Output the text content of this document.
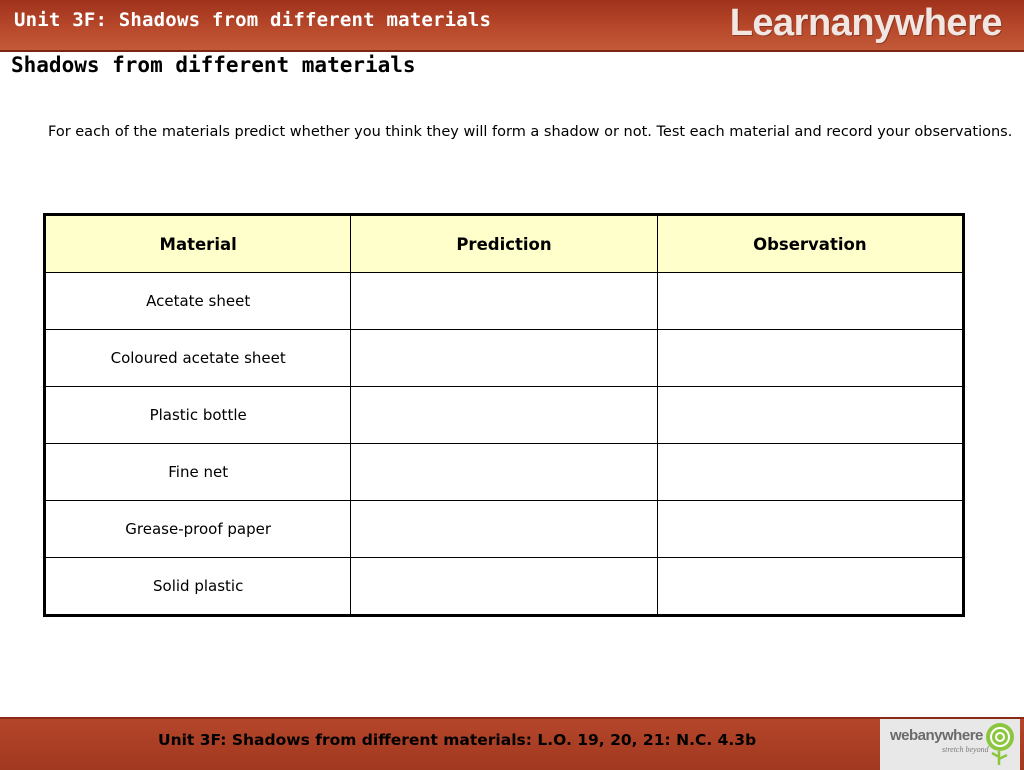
Unit 3F: Shadows from different materials	Learnanywhere
Shadows from different materials
For each of the materials predict whether you think they will form a shadow or not. Test each material and record your observations.
Material	Prediction	Observation
Acetate sheet		
Coloured acetate sheet		
Plastic bottle		
Fine net		
Grease-proof paper		
Solid plastic		
Unit 3F: Shadows from different materials: L.O. 19, 20, 21: N.C. 4.3b	webanywhere
stretch beyond
